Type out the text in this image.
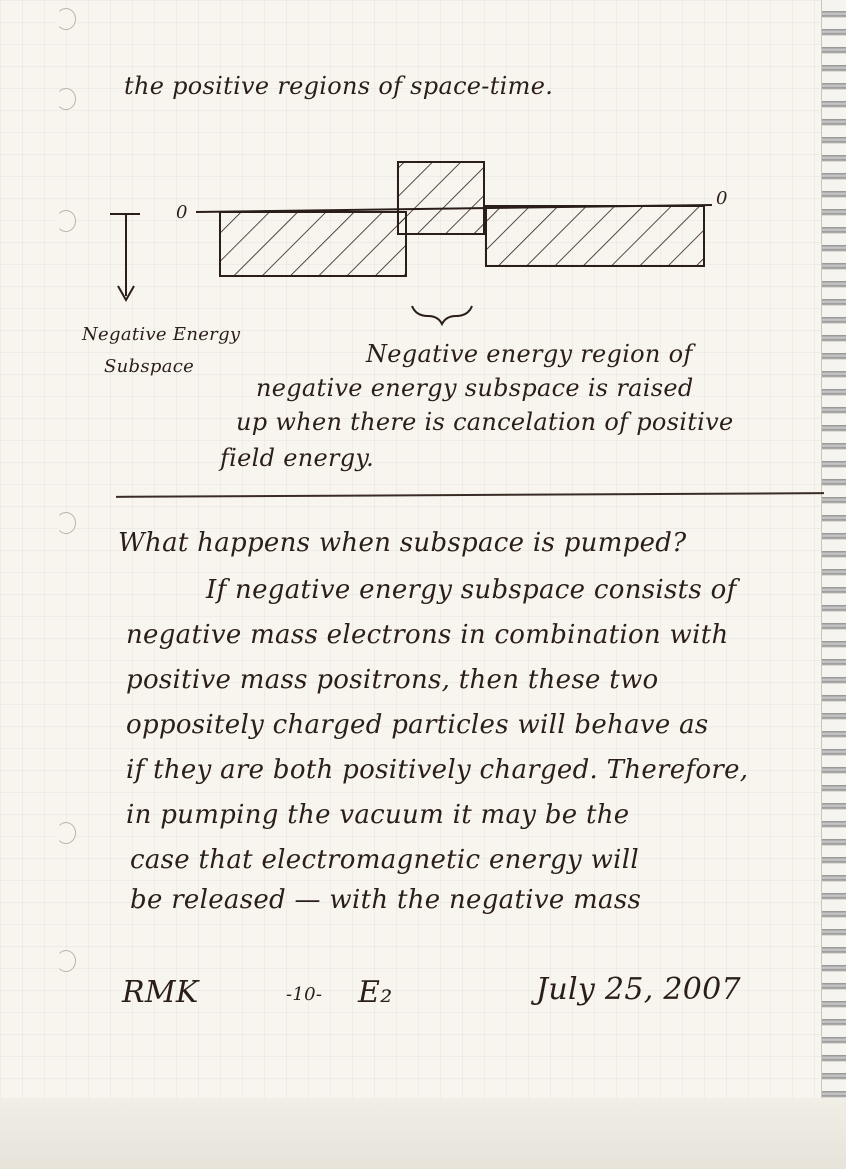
the positive regions of space-time.
0
0
Negative Energy
Subspace	Negative energy region of
negative energy subspace is raised
up when there is cancelation of positive
field energy.
What happens when subspace is pumped?
If negative energy subspace consists of
negative mass electrons in combination with
positive mass positrons, then these two
oppositely charged particles will behave as
if they are both positively charged. Therefore,
in pumping the vacuum it may be the
case that electromagnetic energy will
be released — with the negative mass
RMK	-10- E₂	July 25, 2007
